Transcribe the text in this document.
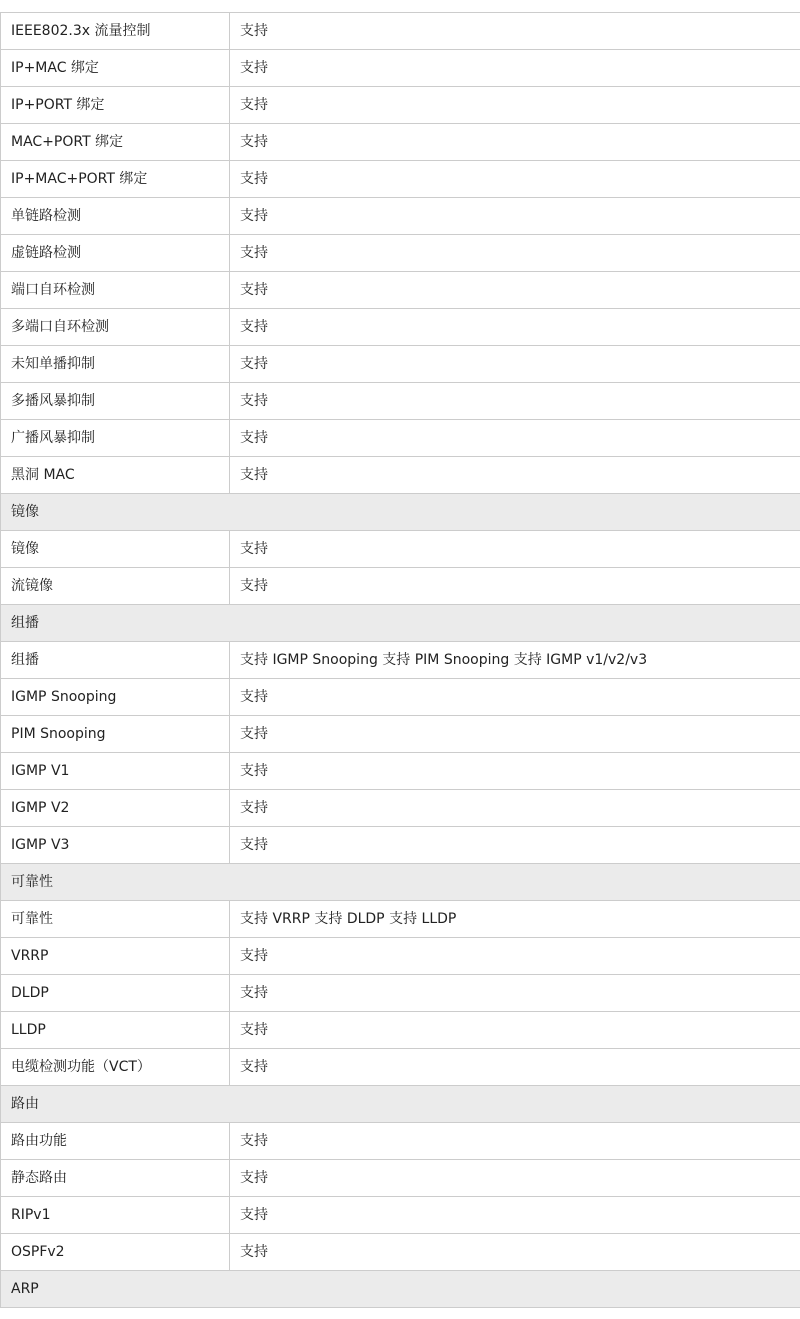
IEEE802.3x 流量控制	支持
IP+MAC 绑定	支持
IP+PORT 绑定	支持
MAC+PORT 绑定	支持
IP+MAC+PORT 绑定	支持
单链路检测	支持
虚链路检测	支持
端口自环检测	支持
多端口自环检测	支持
未知单播抑制	支持
多播风暴抑制	支持
广播风暴抑制	支持
黑洞 MAC	支持
镜像	
镜像	支持
流镜像	支持
组播	
组播	支持 IGMP Snooping 支持 PIM Snooping 支持 IGMP v1/v2/v3
IGMP Snooping	支持
PIM Snooping	支持
IGMP V1	支持
IGMP V2	支持
IGMP V3	支持
可靠性	
可靠性	支持 VRRP 支持 DLDP 支持 LLDP
VRRP	支持
DLDP	支持
LLDP	支持
电缆检测功能（VCT）	支持
路由	
路由功能	支持
静态路由	支持
RIPv1	支持
OSPFv2	支持
ARP	
